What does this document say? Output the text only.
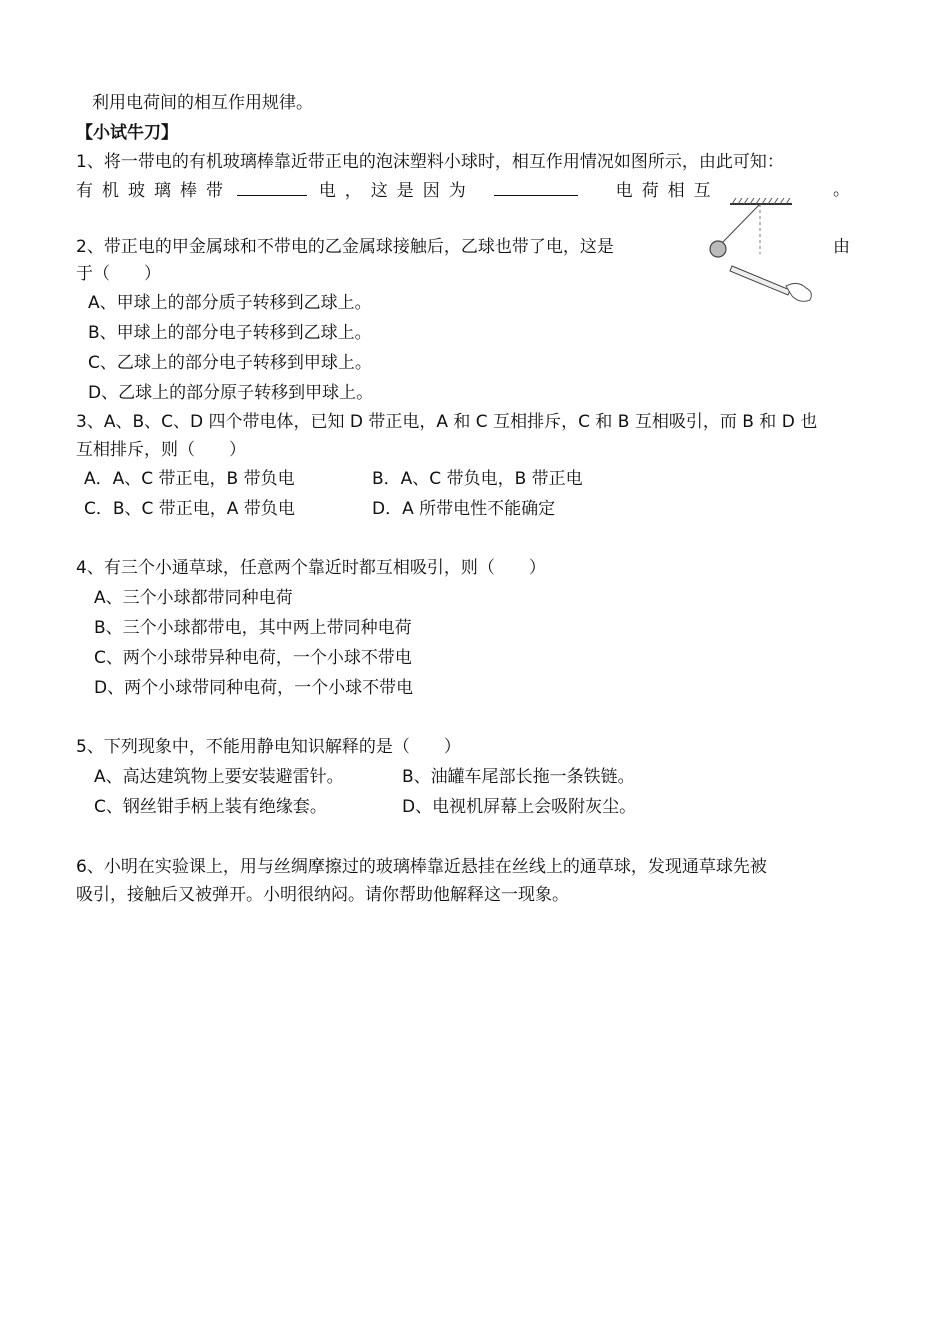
利用电荷间的相互作用规律。
【小试牛刀】
1、将一带电的有机玻璃棒靠近带正电的泡沫塑料小球时，相互作用情况如图所示，由此可知：
有机玻璃棒带	电，这是因为	电荷相互	。
2、带正电的甲金属球和不带电的乙金属球接触后，乙球也带了电，这是	由
于（　　）
A、甲球上的部分质子转移到乙球上。
B、甲球上的部分电子转移到乙球上。
C、乙球上的部分电子转移到甲球上。
D、乙球上的部分原子转移到甲球上。
3、A、B、C、D 四个带电体，已知 D 带正电，A 和 C 互相排斥，C 和 B 互相吸引，而 B 和 D 也
互相排斥，则（　　）
A．A、C 带正电，B 带负电	B．A、C 带负电，B 带正电
C．B、C 带正电，A 带负电	D．A 所带电性不能确定
4、有三个小通草球，任意两个靠近时都互相吸引，则（　　）
A、三个小球都带同种电荷
B、三个小球都带电，其中两上带同种电荷
C、两个小球带异种电荷，一个小球不带电
D、两个小球带同种电荷，一个小球不带电
5、下列现象中，不能用静电知识解释的是（　　）
A、高达建筑物上要安装避雷针。	B、油罐车尾部长拖一条铁链。
C、钢丝钳手柄上装有绝缘套。	D、电视机屏幕上会吸附灰尘。
6、小明在实验课上，用与丝绸摩擦过的玻璃棒靠近悬挂在丝线上的通草球，发现通草球先被
吸引，接触后又被弹开。小明很纳闷。请你帮助他解释这一现象。
